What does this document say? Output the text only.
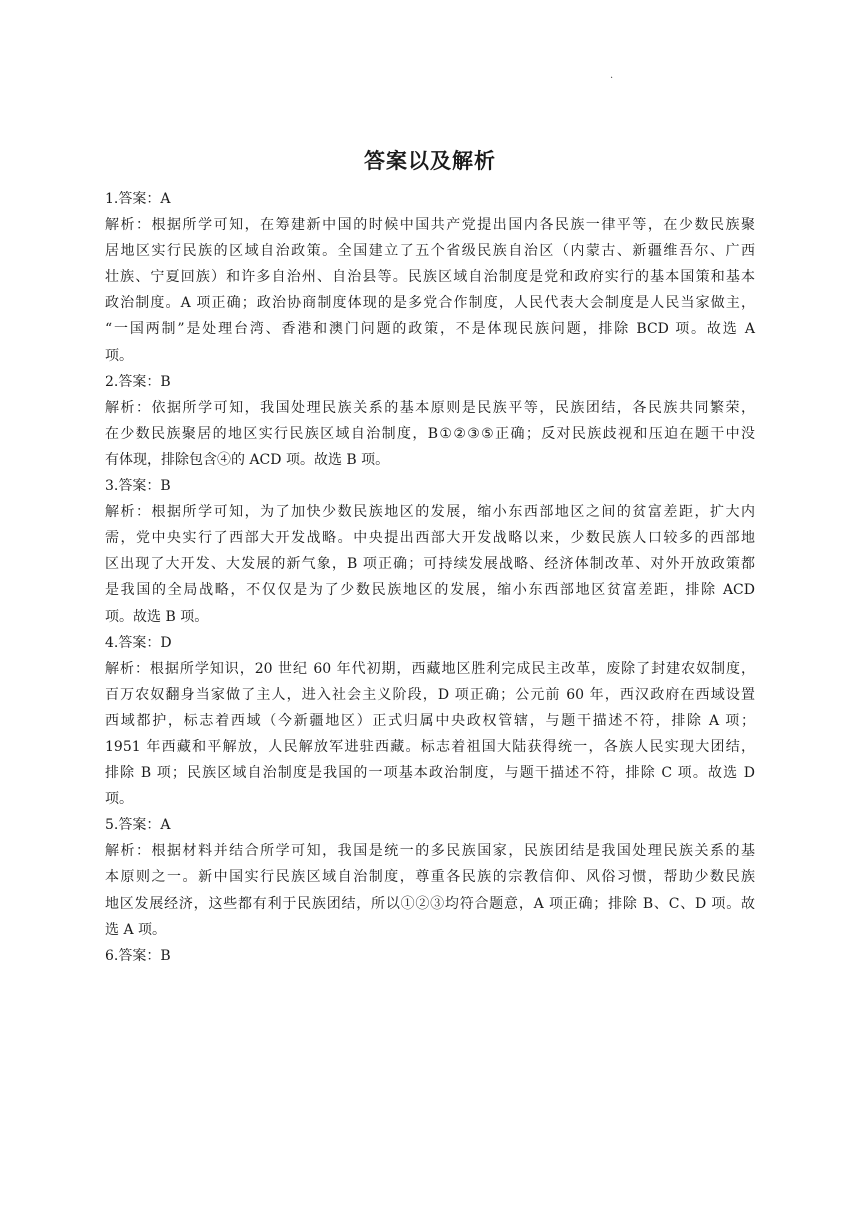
·
答案以及解析
1.答案：A
解析：根据所学可知，在筹建新中国的时候中国共产党提出国内各民族一律平等，在少数民族聚
居地区实行民族的区域自治政策。全国建立了五个省级民族自治区（内蒙古、新疆维吾尔、广西
壮族、宁夏回族）和许多自治州、自治县等。民族区域自治制度是党和政府实行的基本国策和基本
政治制度。A 项正确；政治协商制度体现的是多党合作制度，人民代表大会制度是人民当家做主，
“一国两制”是处理台湾、香港和澳门问题的政策，不是体现民族问题，排除 BCD 项。故选 A
项。
2.答案：B
解析：依据所学可知，我国处理民族关系的基本原则是民族平等，民族团结，各民族共同繁荣，
在少数民族聚居的地区实行民族区域自治制度，B①②③⑤正确；反对民族歧视和压迫在题干中没
有体现，排除包含④的 ACD 项。故选 B 项。
3.答案：B
解析：根据所学可知，为了加快少数民族地区的发展，缩小东西部地区之间的贫富差距，扩大内
需，党中央实行了西部大开发战略。中央提出西部大开发战略以来，少数民族人口较多的西部地
区出现了大开发、大发展的新气象，B 项正确；可持续发展战略、经济体制改革、对外开放政策都
是我国的全局战略，不仅仅是为了少数民族地区的发展，缩小东西部地区贫富差距，排除 ACD
项。故选 B 项。
4.答案：D
解析：根据所学知识，20 世纪 60 年代初期，西藏地区胜利完成民主改革，废除了封建农奴制度，
百万农奴翻身当家做了主人，进入社会主义阶段，D 项正确；公元前 60 年，西汉政府在西域设置
西域都护，标志着西域（今新疆地区）正式归属中央政权管辖，与题干描述不符，排除 A 项；
1951 年西藏和平解放，人民解放军进驻西藏。标志着祖国大陆获得统一，各族人民实现大团结，
排除 B 项；民族区域自治制度是我国的一项基本政治制度，与题干描述不符，排除 C 项。故选 D
项。
5.答案：A
解析：根据材料并结合所学可知，我国是统一的多民族国家，民族团结是我国处理民族关系的基
本原则之一。新中国实行民族区域自治制度，尊重各民族的宗教信仰、风俗习惯，帮助少数民族
地区发展经济，这些都有利于民族团结，所以①②③均符合题意，A 项正确；排除 B、C、D 项。故
选 A 项。
6.答案：B
